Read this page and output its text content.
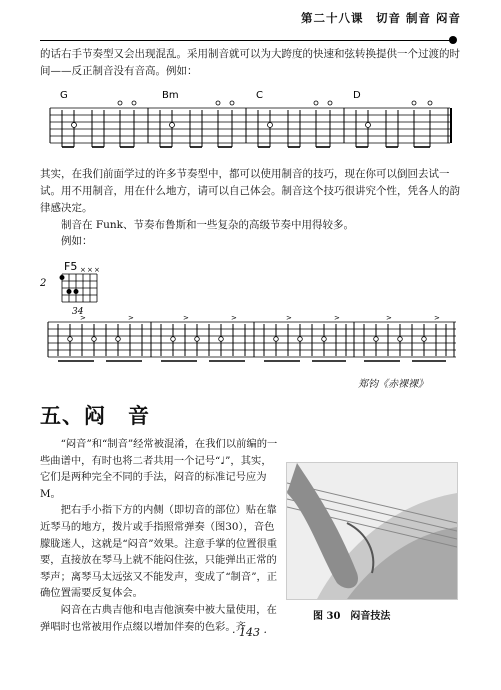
第二十八课　切音 制音 闷音
的话右手节奏型又会出现混乱。采用制音就可以为大跨度的快速和弦转换提供一个过渡的时间——反正制音没有音高。例如：
G	Bm	C	D
其实，在我们前面学过的许多节奏型中，都可以使用制音的技巧，现在你可以倒回去试一试。用不用制音，用在什么地方，请可以自己体会。制音这个技巧很讲究个性，凭各人的韵律感决定。
制音在 Funk、节奏布鲁斯和一些复杂的高级节奏中用得较多。
例如：
F5
2
34
× × ×
>	>	>	>	>	>	>	>
郑钧《赤裸裸》
五、闷　音

“闷音”和“制音”经常被混淆，在我们以前编的一些曲谱中，有时也将二者共用一个记号“♩”，其实，它们是两种完全不同的手法，闷音的标准记号应为 M。

把右手小指下方的内侧（即切音的部位）贴在靠近琴马的地方，拨片或手指照常弹奏（图30），音色朦胧迷人，这就是“闷音”效果。注意手掌的位置很重要，直接放在琴马上就不能闷住弦，只能弹出正常的琴声；离琴马太远弦又不能发声，变成了“制音”，正确位置需要反复体会。

闷音在古典吉他和电吉他演奏中被大量使用，在弹唱时也常被用作点缀以增加伴奏的色彩。齐

图 30　闷音技法
· 143 ·
